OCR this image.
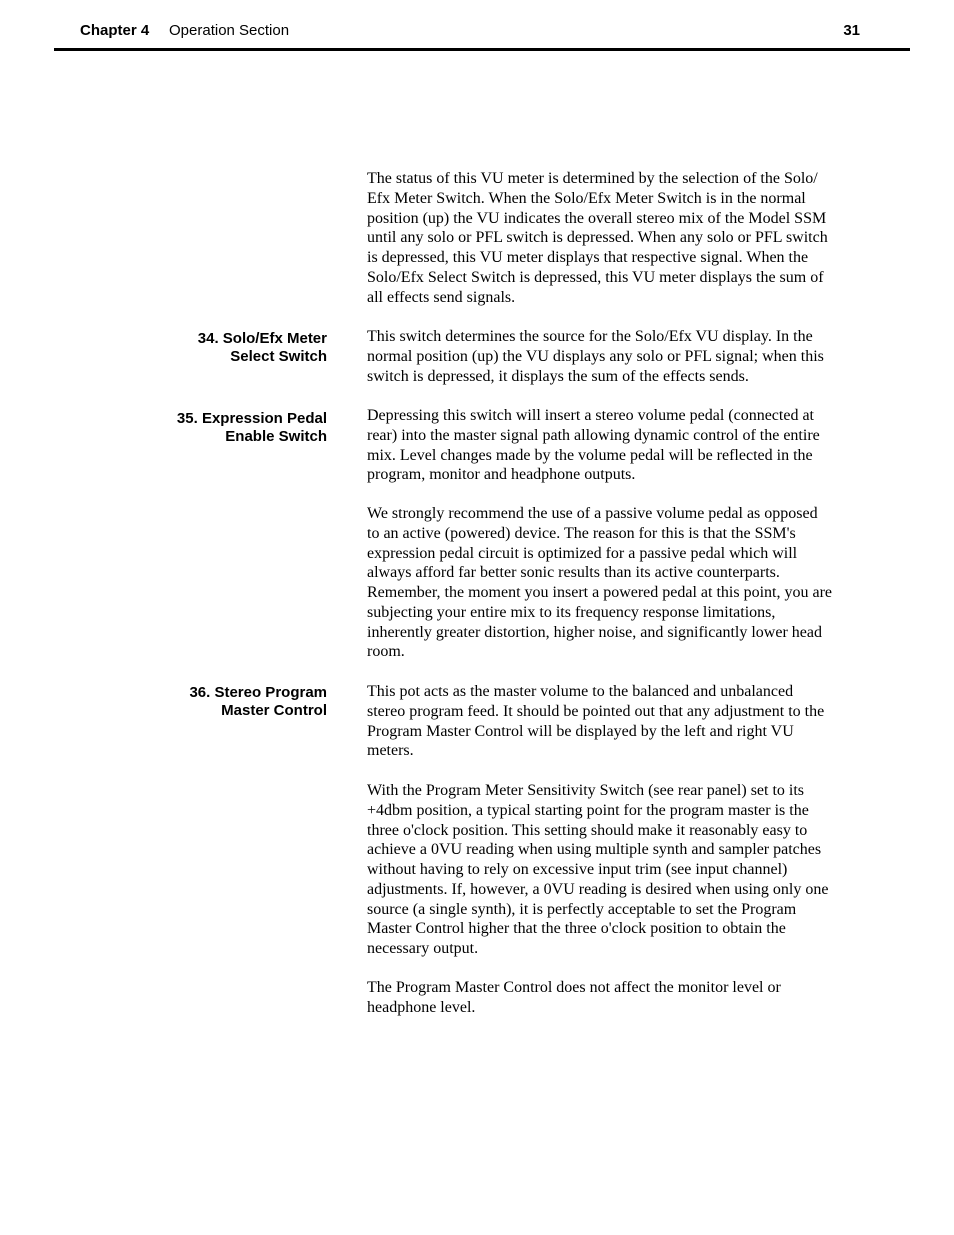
Chapter 4 Operation Section	31
34. Solo/Efx Meter
Select Switch
35. Expression Pedal
Enable Switch
36. Stereo Program
Master Control
The status of this VU meter is determined by the selection of the Solo/
Efx Meter Switch. When the Solo/Efx Meter Switch is in the normal
position (up) the VU indicates the overall stereo mix of the Model SSM
until any solo or PFL switch is depressed. When any solo or PFL switch
is depressed, this VU meter displays that respective signal. When the
Solo/Efx Select Switch is depressed, this VU meter displays the sum of
all effects send signals.
This switch determines the source for the Solo/Efx VU display. In the
normal position (up) the VU displays any solo or PFL signal; when this
switch is depressed, it displays the sum of the effects sends.
Depressing this switch will insert a stereo volume pedal (connected at
rear) into the master signal path allowing dynamic control of the entire
mix. Level changes made by the volume pedal will be reflected in the
program, monitor and headphone outputs.
We strongly recommend the use of a passive volume pedal as opposed
to an active (powered) device. The reason for this is that the SSM's
expression pedal circuit is optimized for a passive pedal which will
always afford far better sonic results than its active counterparts.
Remember, the moment you insert a powered pedal at this point, you are
subjecting your entire mix to its frequency response limitations,
inherently greater distortion, higher noise, and significantly lower head
room.
This pot acts as the master volume to the balanced and unbalanced
stereo program feed. It should be pointed out that any adjustment to the
Program Master Control will be displayed by the left and right VU
meters.
With the Program Meter Sensitivity Switch (see rear panel) set to its
+4dbm position, a typical starting point for the program master is the
three o'clock position. This setting should make it reasonably easy to
achieve a 0VU reading when using multiple synth and sampler patches
without having to rely on excessive input trim (see input channel)
adjustments. If, however, a 0VU reading is desired when using only one
source (a single synth), it is perfectly acceptable to set the Program
Master Control higher that the three o'clock position to obtain the
necessary output.
The Program Master Control does not affect the monitor level or
headphone level.
